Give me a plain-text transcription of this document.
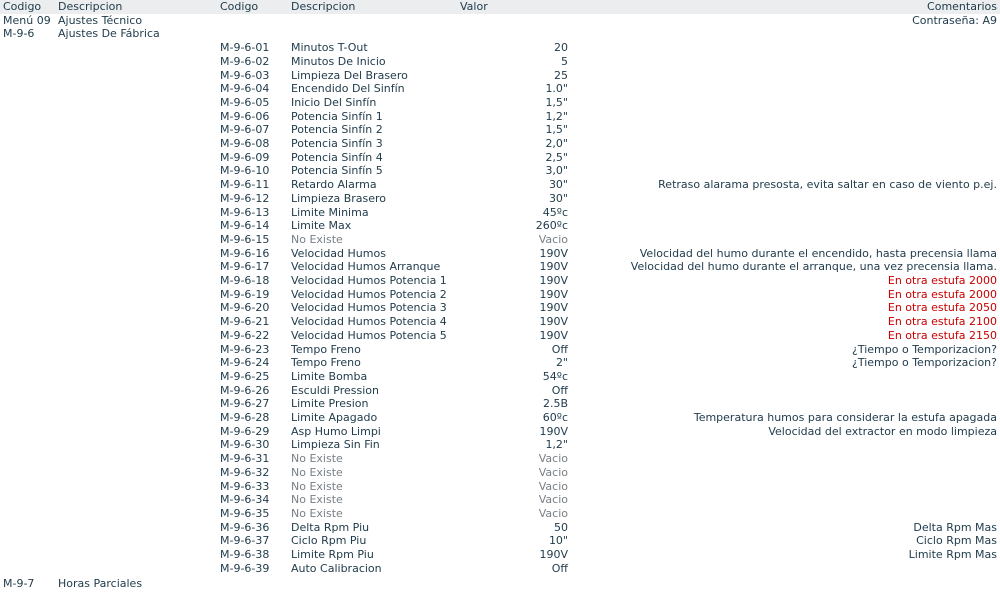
Codigo Descripcion	Codigo	Descripcion	Valor	Comentarios
Menú 09 Ajustes Técnico	Contraseña: A9
M-9-6 Ajustes De Fábrica
M-9-6-01 Minutos T-Out	20
M-9-6-02 Minutos De Inicio	5
M-9-6-03 Limpieza Del Brasero	25
M-9-6-04 Encendido Del Sinfín	1.0"
M-9-6-05 Inicio Del Sinfín	1,5"
M-9-6-06 Potencia Sinfín 1	1,2"
M-9-6-07 Potencia Sinfín 2	1,5"
M-9-6-08 Potencia Sinfín 3	2,0"
M-9-6-09 Potencia Sinfín 4	2,5"
M-9-6-10 Potencia Sinfín 5	3,0"
M-9-6-11 Retardo Alarma	30"	Retraso alarama presosta, evita saltar en caso de viento p.ej.
M-9-6-12 Limpieza Brasero	30"
M-9-6-13 Limite Minima	45ºc
M-9-6-14 Limite Max	260ºc
M-9-6-15 No Existe	Vacio
M-9-6-16 Velocidad Humos	190V	Velocidad del humo durante el encendido, hasta precensia llama
M-9-6-17 Velocidad Humos Arranque	190V	Velocidad del humo durante el arranque, una vez precensia llama.
M-9-6-18 Velocidad Humos Potencia 1	190V	En otra estufa 2000
M-9-6-19 Velocidad Humos Potencia 2	190V	En otra estufa 2000
M-9-6-20 Velocidad Humos Potencia 3	190V	En otra estufa 2050
M-9-6-21 Velocidad Humos Potencia 4	190V	En otra estufa 2100
M-9-6-22 Velocidad Humos Potencia 5	190V	En otra estufa 2150
M-9-6-23 Tempo Freno	Off	¿Tiempo o Temporizacion?
M-9-6-24 Tempo Freno	2"	¿Tiempo o Temporizacion?
M-9-6-25 Limite Bomba	54ºc
M-9-6-26 Esculdi Pression	Off
M-9-6-27 Limite Presion	2.5B
M-9-6-28 Limite Apagado	60ºc	Temperatura humos para considerar la estufa apagada
M-9-6-29 Asp Humo Limpi	190V	Velocidad del extractor en modo limpieza
M-9-6-30 Limpieza Sin Fin	1,2"
M-9-6-31 No Existe	Vacio
M-9-6-32 No Existe	Vacio
M-9-6-33 No Existe	Vacio
M-9-6-34 No Existe	Vacio
M-9-6-35 No Existe	Vacio
M-9-6-36 Delta Rpm Piu	50	Delta Rpm Mas
M-9-6-37 Ciclo Rpm Piu	10"	Ciclo Rpm Mas
M-9-6-38 Limite Rpm Piu	190V	Limite Rpm Mas
M-9-6-39 Auto Calibracion	Off
M-9-7 Horas Parciales
